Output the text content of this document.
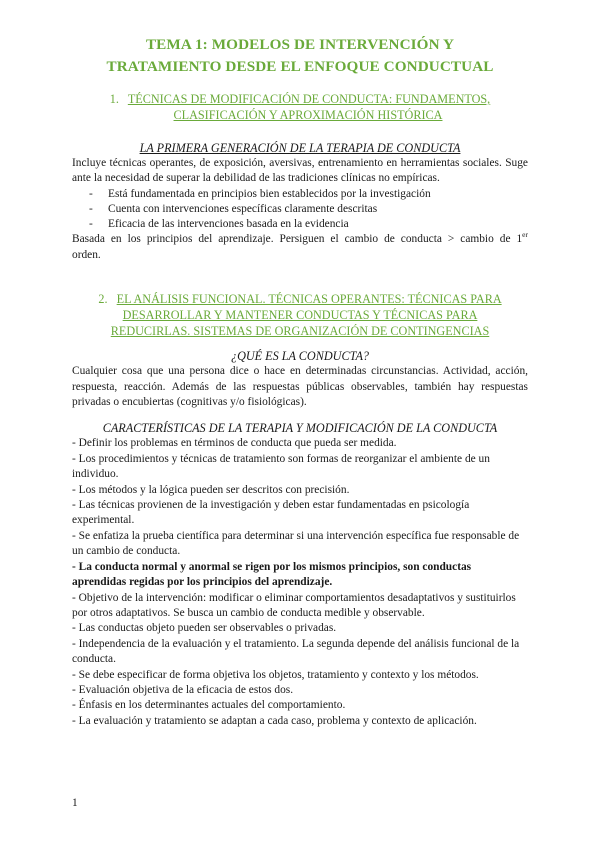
TEMA 1: MODELOS DE INTERVENCIÓN Y
TRATAMIENTO DESDE EL ENFOQUE CONDUCTUAL
1. TÉCNICAS DE MODIFICACIÓN DE CONDUCTA: FUNDAMENTOS,
CLASIFICACIÓN Y APROXIMACIÓN HISTÓRICA
LA PRIMERA GENERACIÓN DE LA TERAPIA DE CONDUCTA

Incluye técnicas operantes, de exposición, aversivas, entrenamiento en herramientas sociales. Suge ante la necesidad de superar la debilidad de las tradiciones clínicas no empíricas.

- Está fundamentada en principios bien establecidos por la investigación
- Cuenta con intervenciones específicas claramente descritas
- Eficacia de las intervenciones basada en la evidencia

Basada en los principios del aprendizaje. Persiguen el cambio de conducta > cambio de 1er

orden.

2. EL ANÁLISIS FUNCIONAL. TÉCNICAS OPERANTES: TÉCNICAS PARA
DESARROLLAR Y MANTENER CONDUCTAS Y TÉCNICAS PARA
REDUCIRLAS. SISTEMAS DE ORGANIZACIÓN DE CONTINGENCIAS
¿QUÉ ES LA CONDUCTA?

Cualquier cosa que una persona dice o hace en determinadas circunstancias. Actividad, acción, respuesta, reacción. Además de las respuestas públicas observables, también hay respuestas privadas o encubiertas (cognitivas y/o fisiológicas).

CARACTERÍSTICAS DE LA TERAPIA Y MODIFICACIÓN DE LA CONDUCTA

- Definir los problemas en términos de conducta que pueda ser medida.

- Los procedimientos y técnicas de tratamiento son formas de reorganizar el ambiente de un individuo.

- Los métodos y la lógica pueden ser descritos con precisión.

- Las técnicas provienen de la investigación y deben estar fundamentadas en psicología experimental.

- Se enfatiza la prueba científica para determinar si una intervención específica fue responsable de un cambio de conducta.

- La conducta normal y anormal se rigen por los mismos principios, son conductas aprendidas regidas por los principios del aprendizaje.

- Objetivo de la intervención: modificar o eliminar comportamientos desadaptativos y sustituirlos por otros adaptativos. Se busca un cambio de conducta medible y observable.

- Las conductas objeto pueden ser observables o privadas.

- Independencia de la evaluación y el tratamiento. La segunda depende del análisis funcional de la conducta.

- Se debe especificar de forma objetiva los objetos, tratamiento y contexto y los métodos.

- Evaluación objetiva de la eficacia de estos dos.

- Énfasis en los determinantes actuales del comportamiento.

- La evaluación y tratamiento se adaptan a cada caso, problema y contexto de aplicación.

1
